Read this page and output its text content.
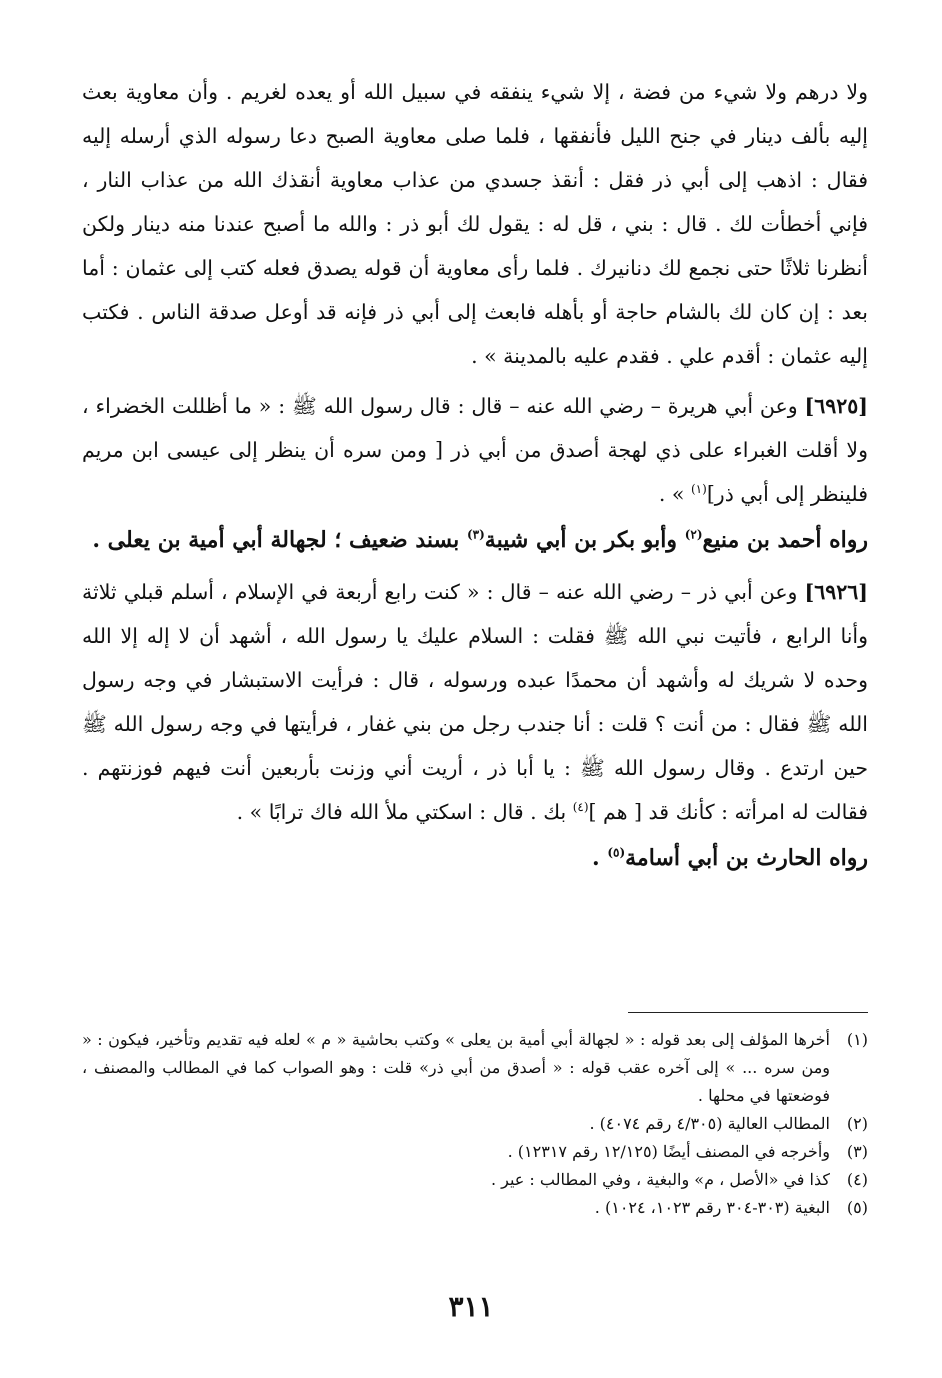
ولا درهم ولا شيء من فضة ، إلا شيء ينفقه في سبيل الله أو يعده لغريم . وأن معاوية بعث إليه بألف دينار في جنح الليل فأنفقها ، فلما صلى معاوية الصبح دعا رسوله الذي أرسله إليه فقال : اذهب إلى أبي ذر فقل : أنقذ جسدي من عذاب معاوية أنقذك الله من عذاب النار ، فإني أخطأت لك . قال : بني ، قل له : يقول لك أبو ذر : والله ما أصبح عندنا منه دينار ولكن أنظرنا ثلاثًا حتى نجمع لك دنانيرك . فلما رأى معاوية أن قوله يصدق فعله كتب إلى عثمان : أما بعد : إن كان لك بالشام حاجة أو بأهله فابعث إلى أبي ذر فإنه قد أوعل صدقة الناس . فكتب إليه عثمان : أقدم علي . فقدم عليه بالمدينة » .

[٦٩٢٥] وعن أبي هريرة – رضي الله عنه – قال : قال رسول الله ﷺ : « ما أظللت الخضراء ، ولا أقلت الغبراء على ذي لهجة أصدق من أبي ذر [ ومن سره أن ينظر إلى عيسى ابن مريم فلينظر إلى أبي ذر]$^{(١)}$ » .

رواه أحمد بن منيع$^{(٢)}$ وأبو بكر بن أبي شيبة$^{(٣)}$ بسند ضعيف ؛ لجهالة أبي أمية بن يعلى .

[٦٩٢٦] وعن أبي ذر – رضي الله عنه – قال : « كنت رابع أربعة في الإسلام ، أسلم قبلي ثلاثة وأنا الرابع ، فأتيت نبي الله ﷺ فقلت : السلام عليك يا رسول الله ، أشهد أن لا إله إلا الله وحده لا شريك له وأشهد أن محمدًا عبده ورسوله ، قال : فرأيت الاستبشار في وجه رسول الله ﷺ فقال : من أنت ؟ قلت : أنا جندب رجل من بني غفار ، فرأيتها في وجه رسول الله ﷺ حين ارتدع . وقال رسول الله ﷺ : يا أبا ذر ، أريت أني وزنت بأربعين أنت فيهم فوزنتهم . فقالت له امرأته : كأنك قد [ هم ]$^{(٤)}$ بك . قال : اسكتي ملأ الله فاك ترابًا » .

رواه الحارث بن أبي أسامة$^{(٥)}$ .

(١)
أخرها المؤلف إلى بعد قوله : « لجهالة أبي أمية بن يعلى » وكتب بحاشية « م » لعله فيه تقديم وتأخير، فيكون : « ومن سره ... » إلى آخره عقب قوله : « أصدق من أبي ذر» قلت : وهو الصواب كما في المطالب والمصنف ، فوضعتها في محلها .
(٢)
المطالب العالية (٤/٣٠٥ رقم ٤٠٧٤) .
(٣)
وأخرجه في المصنف أيضًا (١٢/١٢٥ رقم ١٢٣١٧) .
(٤)
كذا في «الأصل ، م» والبغية ، وفي المطالب : عير .
(٥)
البغية (٣٠٣-٣٠٤ رقم ١٠٢٣، ١٠٢٤) .
٣١١
